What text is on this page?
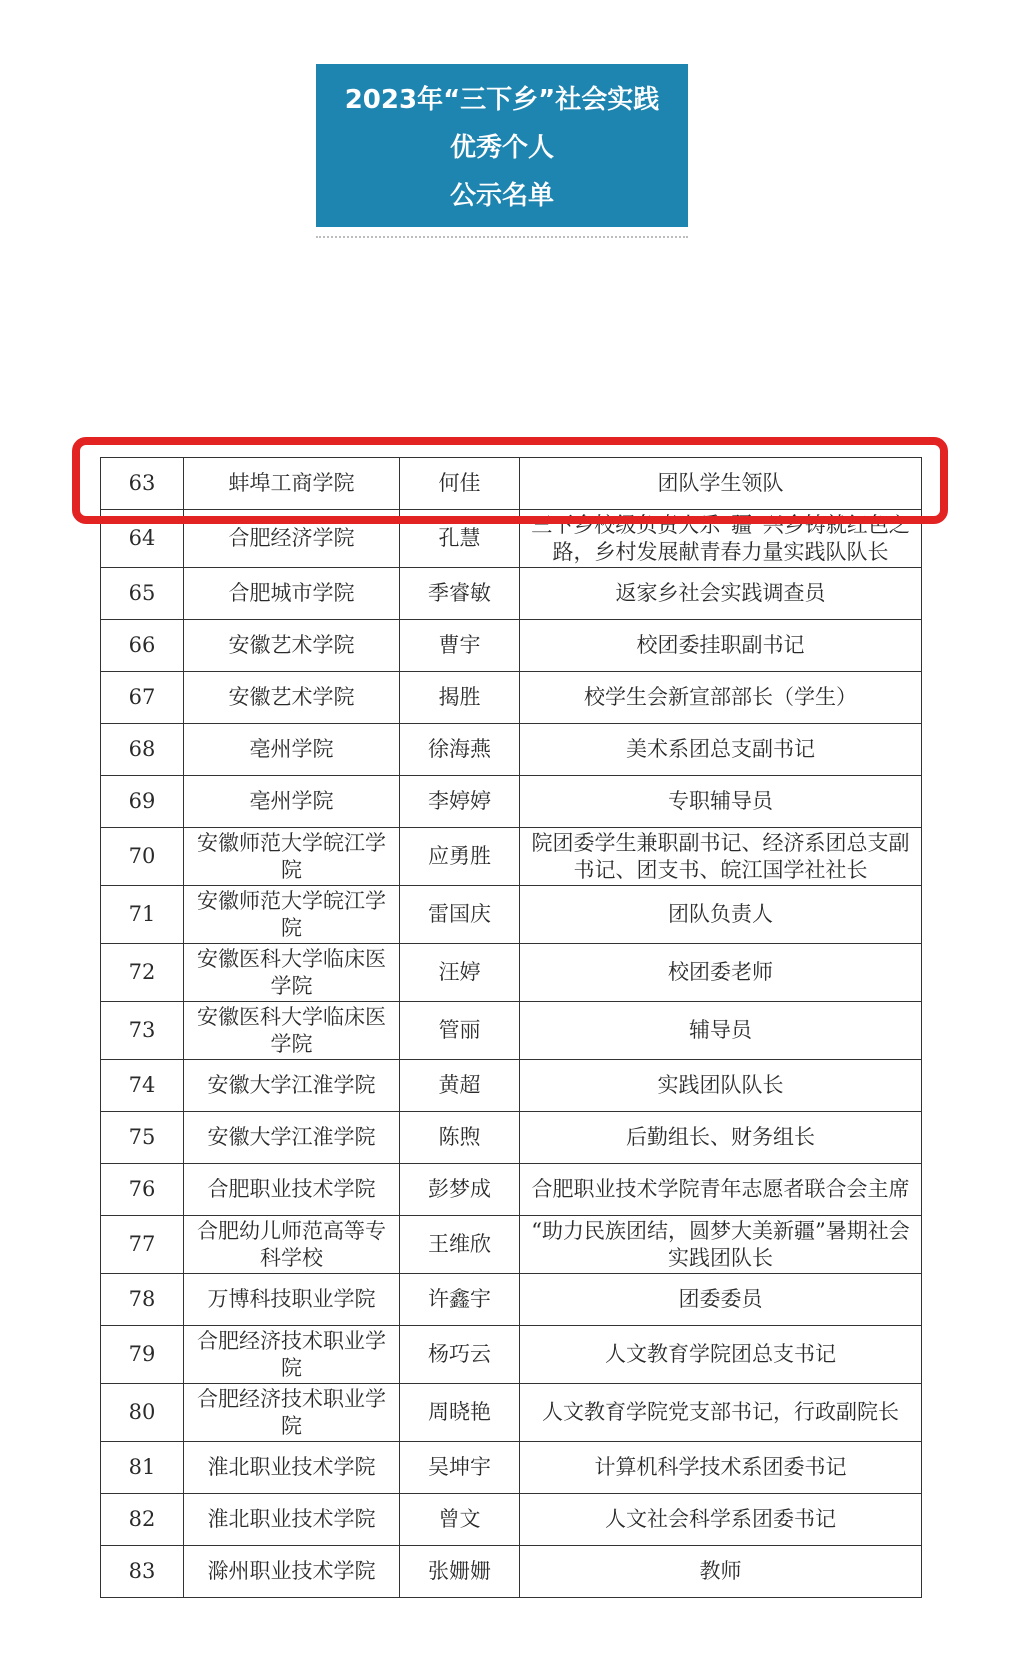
2023年“三下乡”社会实践
优秀个人
公示名单
63	蚌埠工商学院	何佳	团队学生领队
64	合肥经济学院	孔慧	三下乡校级负责人乐“疆”兴乡铸就红色之路，乡村发展献青春力量实践队队长
65	合肥城市学院	季睿敏	返家乡社会实践调查员
66	安徽艺术学院	曹宇	校团委挂职副书记
67	安徽艺术学院	揭胜	校学生会新宣部部长（学生）
68	亳州学院	徐海燕	美术系团总支副书记
69	亳州学院	李婷婷	专职辅导员
70	安徽师范大学皖江学院	应勇胜	院团委学生兼职副书记、经济系团总支副书记、团支书、皖江国学社社长
71	安徽师范大学皖江学院	雷国庆	团队负责人
72	安徽医科大学临床医学院	汪婷	校团委老师
73	安徽医科大学临床医学院	管丽	辅导员
74	安徽大学江淮学院	黄超	实践团队队长
75	安徽大学江淮学院	陈煦	后勤组长、财务组长
76	合肥职业技术学院	彭梦成	合肥职业技术学院青年志愿者联合会主席
77	合肥幼儿师范高等专科学校	王维欣	“助力民族团结，圆梦大美新疆”暑期社会实践团队长
78	万博科技职业学院	许鑫宇	团委委员
79	合肥经济技术职业学院	杨巧云	人文教育学院团总支书记
80	合肥经济技术职业学院	周晓艳	人文教育学院党支部书记，行政副院长
81	淮北职业技术学院	吴坤宇	计算机科学技术系团委书记
82	淮北职业技术学院	曾文	人文社会科学系团委书记
83	滁州职业技术学院	张姗姗	教师
